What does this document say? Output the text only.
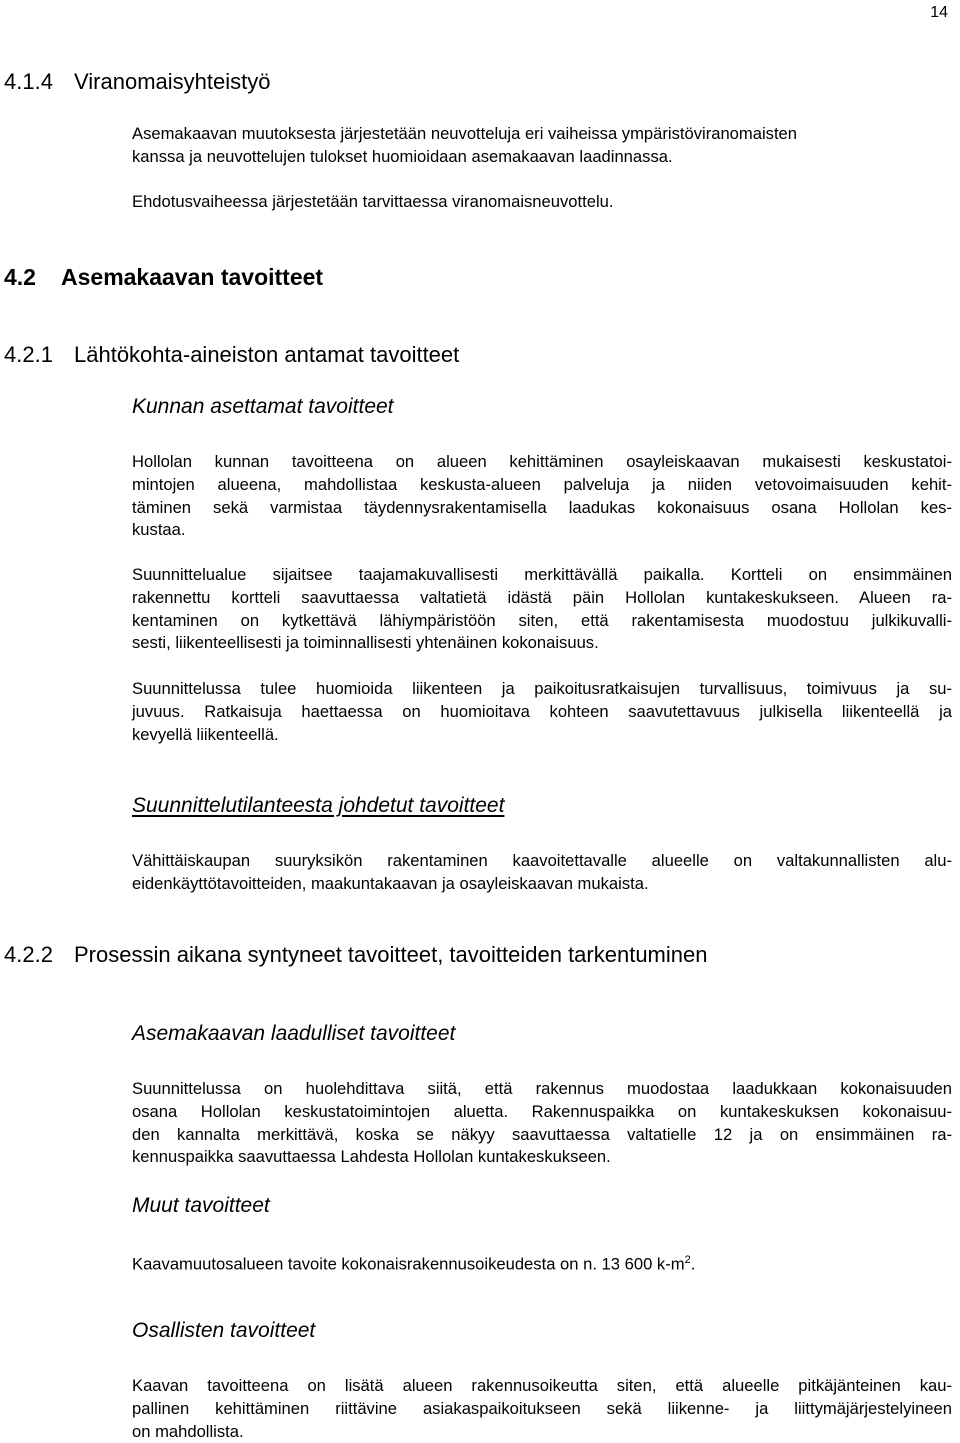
14
4.1.4 Viranomaisyhteistyö
Asemakaavan muutoksesta järjestetään neuvotteluja eri vaiheissa ympäristöviranomaisten
kanssa ja neuvottelujen tulokset huomioidaan asemakaavan laadinnassa.
Ehdotusvaiheessa järjestetään tarvittaessa viranomaisneuvottelu.
4.2 Asemakaavan tavoitteet
4.2.1 Lähtökohta-aineiston antamat tavoitteet
Kunnan asettamat tavoitteet
Hollolan kunnan tavoitteena on alueen kehittäminen osayleiskaavan mukaisesti keskustatoi-
mintojen alueena, mahdollistaa keskusta-alueen palveluja ja niiden vetovoimaisuuden kehit-
täminen sekä varmistaa täydennysrakentamisella laadukas kokonaisuus osana Hollolan kes-
kustaa.
Suunnittelualue sijaitsee taajamakuvallisesti merkittävällä paikalla. Kortteli on ensimmäinen
rakennettu kortteli saavuttaessa valtatietä idästä päin Hollolan kuntakeskukseen. Alueen ra-
kentaminen on kytkettävä lähiympäristöön siten, että rakentamisesta muodostuu julkikuvalli-
sesti, liikenteellisesti ja toiminnallisesti yhtenäinen kokonaisuus.
Suunnittelussa tulee huomioida liikenteen ja paikoitusratkaisujen turvallisuus, toimivuus ja su-
juvuus. Ratkaisuja haettaessa on huomioitava kohteen saavutettavuus julkisella liikenteellä ja
kevyellä liikenteellä.
Suunnittelutilanteesta johdetut tavoitteet
Vähittäiskaupan suuryksikön rakentaminen kaavoitettavalle alueelle on valtakunnallisten alu-
eidenkäyttötavoitteiden, maakuntakaavan ja osayleiskaavan mukaista.
4.2.2 Prosessin aikana syntyneet tavoitteet, tavoitteiden tarkentuminen
Asemakaavan laadulliset tavoitteet
Suunnittelussa on huolehdittava siitä, että rakennus muodostaa laadukkaan kokonaisuuden
osana Hollolan keskustatoimintojen aluetta. Rakennuspaikka on kuntakeskuksen kokonaisuu-
den kannalta merkittävä, koska se näkyy saavuttaessa valtatielle 12 ja on ensimmäinen ra-
kennuspaikka saavuttaessa Lahdesta Hollolan kuntakeskukseen.
Muut tavoitteet
Kaavamuutosalueen tavoite kokonaisrakennusoikeudesta on n. 13 600 $k-m^2$.
Osallisten tavoitteet
Kaavan tavoitteena on lisätä alueen rakennusoikeutta siten, että alueelle pitkäjänteinen kau-
pallinen kehittäminen riittävine asiakaspaikoitukseen sekä liikenne- ja liittymäjärjestelyineen
on mahdollista.
